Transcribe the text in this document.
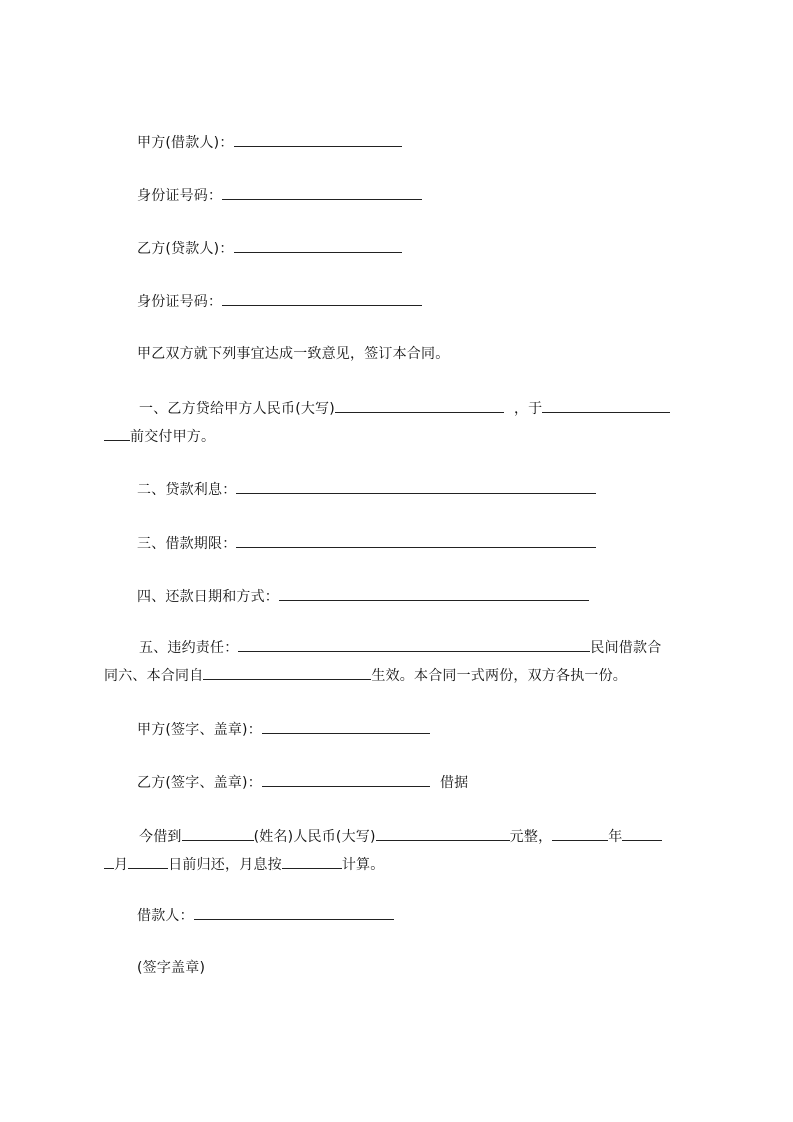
甲方(借款人)：
身份证号码：
乙方(贷款人)：
身份证号码：
甲乙双方就下列事宜达成一致意见，签订本合同。
一、乙方贷给甲方人民币(大写)	，于
前交付甲方。
二、贷款利息：
三、借款期限：
四、还款日期和方式：
五、违约责任：	民间借款合
同六、本合同自	生效。本合同一式两份，双方各执一份。
甲方(签字、盖章)：
乙方(签字、盖章)：	借据
今借到	(姓名)人民币(大写)	元整，	年
月	日前归还，月息按	计算。
借款人：
(签字盖章)
